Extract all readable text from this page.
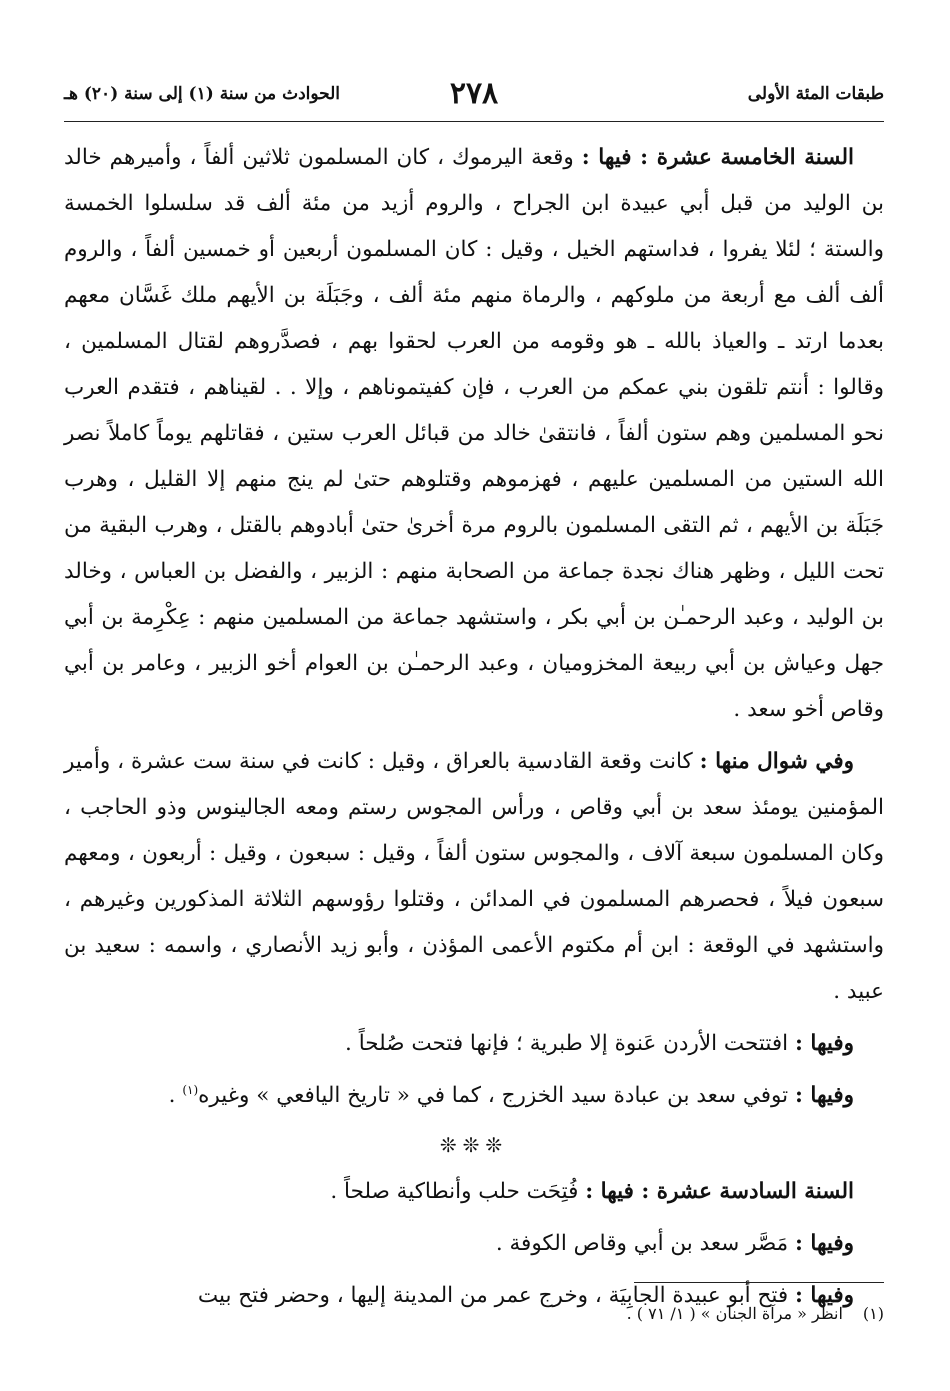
طبقات المئة الأولى
٢٧٨
الحوادث من سنة (١) إلى سنة (٢٠) هـ

السنة الخامسة عشرة : فيها : وقعة اليرموك ، كان المسلمون ثلاثين ألفاً ، وأميرهم خالد بن الوليد من قبل أبي عبيدة ابن الجراح ، والروم أزيد من مئة ألف قد سلسلوا الخمسة والستة ؛ لئلا يفروا ، فداستهم الخيل ، وقيل : كان المسلمون أربعين أو خمسين ألفاً ، والروم ألف ألف مع أربعة من ملوكهم ، والرماة منهم مئة ألف ، وجَبَلَة بن الأيهم ملك غَسَّان معهم بعدما ارتد ـ والعياذ بالله ـ هو وقومه من العرب لحقوا بهم ، فصدَّروهم لقتال المسلمين ، وقالوا : أنتم تلقون بني عمكم من العرب ، فإن كفيتموناهم ، وإلا . . لقيناهم ، فتقدم العرب نحو المسلمين وهم ستون ألفاً ، فانتقىٰ خالد من قبائل العرب ستين ، فقاتلهم يوماً كاملاً نصر الله الستين من المسلمين عليهم ، فهزموهم وقتلوهم حتىٰ لم ينج منهم إلا القليل ، وهرب جَبَلَة بن الأيهم ، ثم التقى المسلمون بالروم مرة أخرىٰ حتىٰ أبادوهم بالقتل ، وهرب البقية من تحت الليل ، وظهر هناك نجدة جماعة من الصحابة منهم : الزبير ، والفضل بن العباس ، وخالد بن الوليد ، وعبد الرحمـٰن بن أبي بكر ، واستشهد جماعة من المسلمين منهم : عِكْرِمة بن أبي جهل وعياش بن أبي ربيعة المخزوميان ، وعبد الرحمـٰن بن العوام أخو الزبير ، وعامر بن أبي وقاص أخو سعد .

وفي شوال منها : كانت وقعة القادسية بالعراق ، وقيل : كانت في سنة ست عشرة ، وأمير المؤمنين يومئذ سعد بن أبي وقاص ، ورأس المجوس رستم ومعه الجالينوس وذو الحاجب ، وكان المسلمون سبعة آلاف ، والمجوس ستون ألفاً ، وقيل : سبعون ، وقيل : أربعون ، ومعهم سبعون فيلاً ، فحصرهم المسلمون في المدائن ، وقتلوا رؤوسهم الثلاثة المذكورين وغيرهم ، واستشهد في الوقعة : ابن أم مكتوم الأعمى المؤذن ، وأبو زيد الأنصاري ، واسمه : سعيد بن عبيد .

وفيها : افتتحت الأردن عَنوة إلا طبرية ؛ فإنها فتحت صُلحاً .

وفيها : توفي سعد بن عبادة سيد الخزرج ، كما في « تاريخ اليافعي » وغيره$^{(١)}$ .

❊❊❊

السنة السادسة عشرة : فيها : فُتِحَت حلب وأنطاكية صلحاً .

وفيها : مَصَّر سعد بن أبي وقاص الكوفة .

وفيها : فتح أبو عبيدة الجابِيَة ، وخرج عمر من المدينة إليها ، وحضر فتح بيت

(١)انظر « مرآة الجنان » ( ١/ ٧١ ) .
